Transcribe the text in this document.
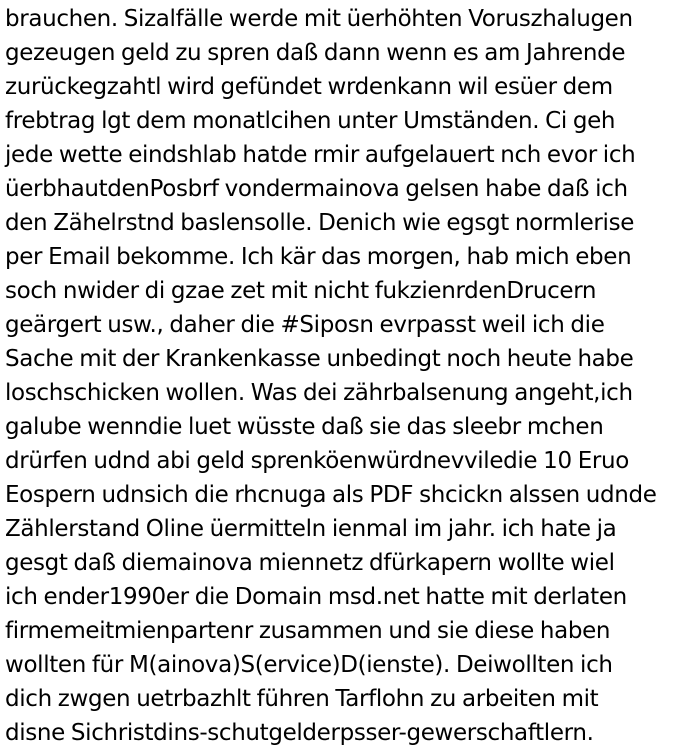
brauchen. Sizalfälle werde mit üerhöhten Voruszhalugen
gezeugen geld zu spren daß dann wenn es am Jahrende
zurückegzahtl wird gefündet wrdenkann wil esüer dem
frebtrag lgt dem monatlcihen unter Umständen. Ci geh
jede wette eindshlab hatde rmir aufgelauert nch evor ich
üerbhautdenPosbrf vondermainova gelsen habe daß ich
den Zähelrstnd baslensolle. Denich wie egsgt normlerise
per Email bekomme. Ich kär das morgen, hab mich eben
soch nwider di gzae zet mit nicht fukzienrdenDrucern
geärgert usw., daher die #Siposn evrpasst weil ich die
Sache mit der Krankenkasse unbedingt noch heute habe
loschschicken wollen. Was dei zährbalsenung angeht,ich
galube wenndie luet wüsste daß sie das sleebr mchen
drürfen udnd abi geld sprenköenwürdnevviledie 10 Eruo
Eospern udnsich die rhcnuga als PDF shcickn alssen udnde
Zählerstand Oline üermitteln ienmal im jahr. ich hate ja
gesgt daß diemainova miennetz dfürkapern wollte wiel
ich ender1990er die Domain msd.net hatte mit derlaten
firmemeitmienpartenr zusammen und sie diese haben
wollten für M(ainova)S(ervice)D(ienste). Deiwollten ich
dich zwgen uetrbazhlt führen Tarflohn zu arbeiten mit
disne Sichristdins-schutgelderpsser-gewerschaftlern.
